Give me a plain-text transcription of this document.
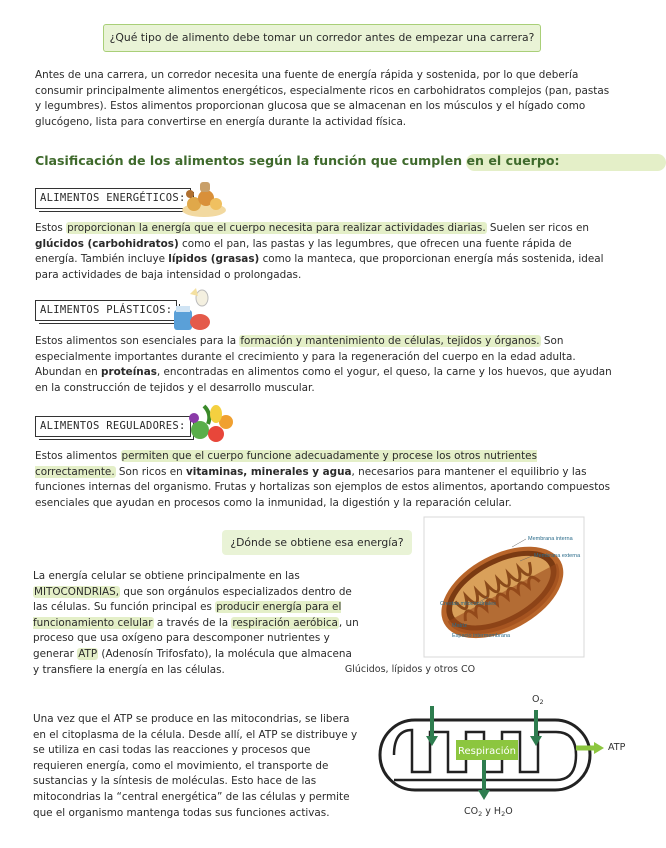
¿Qué tipo de alimento debe tomar un corredor antes de empezar una carrera?

Antes de una carrera, un corredor necesita una fuente de energía rápida y sostenida, por lo que debería consumir principalmente alimentos energéticos, especialmente ricos en carbohidratos complejos (pan, pastas y legumbres). Estos alimentos proporcionan glucosa que se almacenan en los músculos y el hígado como glucógeno, lista para convertirse en energía durante la actividad física.

Clasificación de los alimentos según la función que cumplen en el cuerpo:
ALIMENTOS ENERGÉTICOS:

Estos proporcionan la energía que el cuerpo necesita para realizar actividades diarias. Suelen ser ricos en glúcidos (carbohidratos) como el pan, las pastas y las legumbres, que ofrecen una fuente rápida de energía. También incluye lípidos (grasas) como la manteca, que proporcionan energía más sostenida, ideal para actividades de baja intensidad o prolongadas.

ALIMENTOS PLÁSTICOS:

Estos alimentos son esenciales para la formación y mantenimiento de células, tejidos y órganos. Son especialmente importantes durante el crecimiento y para la regeneración del cuerpo en la edad adulta. Abundan en proteínas, encontradas en alimentos como el yogur, el queso, la carne y los huevos, que ayudan en la construcción de tejidos y el desarrollo muscular.

ALIMENTOS REGULADORES:

Estos alimentos permiten que el cuerpo funcione adecuadamente y procese los otros nutrientes correctamente. Son ricos en vitaminas, minerales y agua, necesarios para mantener el equilibrio y las funciones internas del organismo. Frutas y hortalizas son ejemplos de estos alimentos, aportando compuestos esenciales que ayudan en procesos como la inmunidad, la digestión y la reparación celular.

¿Dónde se obtiene esa energía?	Membrana interna
Membrana externa
Crestas mitocondriales
Matriz
Espacio intermembrana

La energía celular se obtiene principalmente en las MITOCONDRIAS, que son orgánulos especializados dentro de las células. Su función principal es producir energía para el funcionamiento celular a través de la respiración aeróbica, un proceso que usa oxígeno para descomponer nutrientes y generar ATP (Adenosín Trifosfato), la molécula que almacena y transfiere la energía en las células.

Una vez que el ATP se produce en las mitocondrias, se libera en el citoplasma de la célula. Desde allí, el ATP se distribuye y se utiliza en casi todas las reacciones y procesos que requieren energía, como el movimiento, el transporte de sustancias y la síntesis de moléculas. Esto hace de las mitocondrias la “central energética” de las células y permite que el organismo mantenga todas sus funciones activas.

Glúcidos, lípidos y otros CO
$O_2$
ATP
$CO_2$ y $H_2O$
Respiración
